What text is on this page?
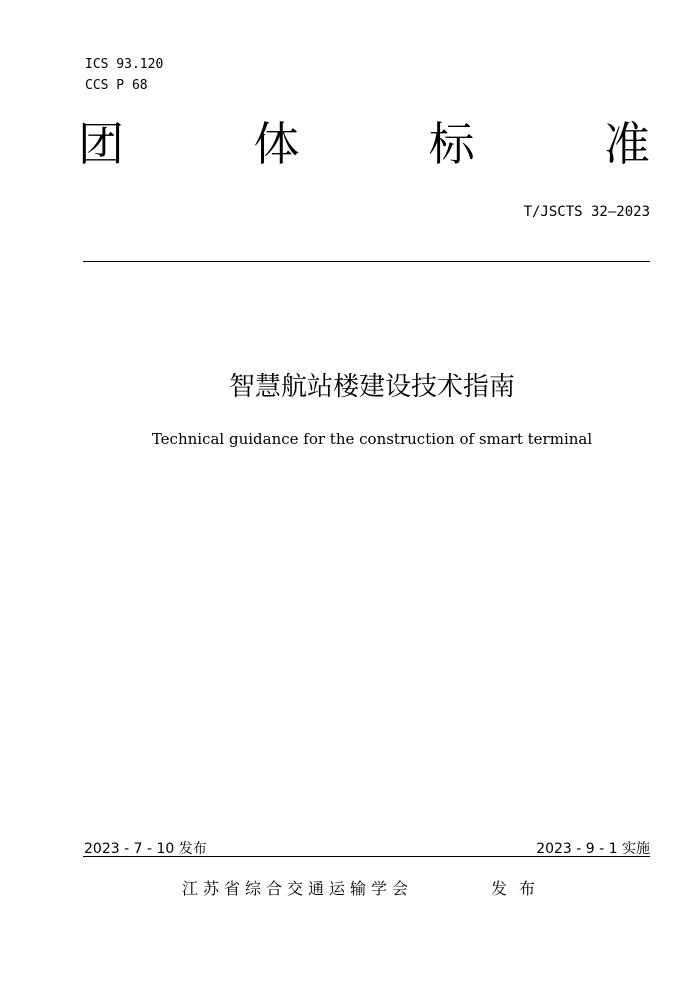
ICS 93.120
CCS P 68
团	体	标	准
T/JSCTS 32—2023
智慧航站楼建设技术指南
Technical guidance for the construction of smart terminal
2023 - 7 - 10 发布	2023 - 9 - 1 实施
江苏省综合交通运输学会	发布
